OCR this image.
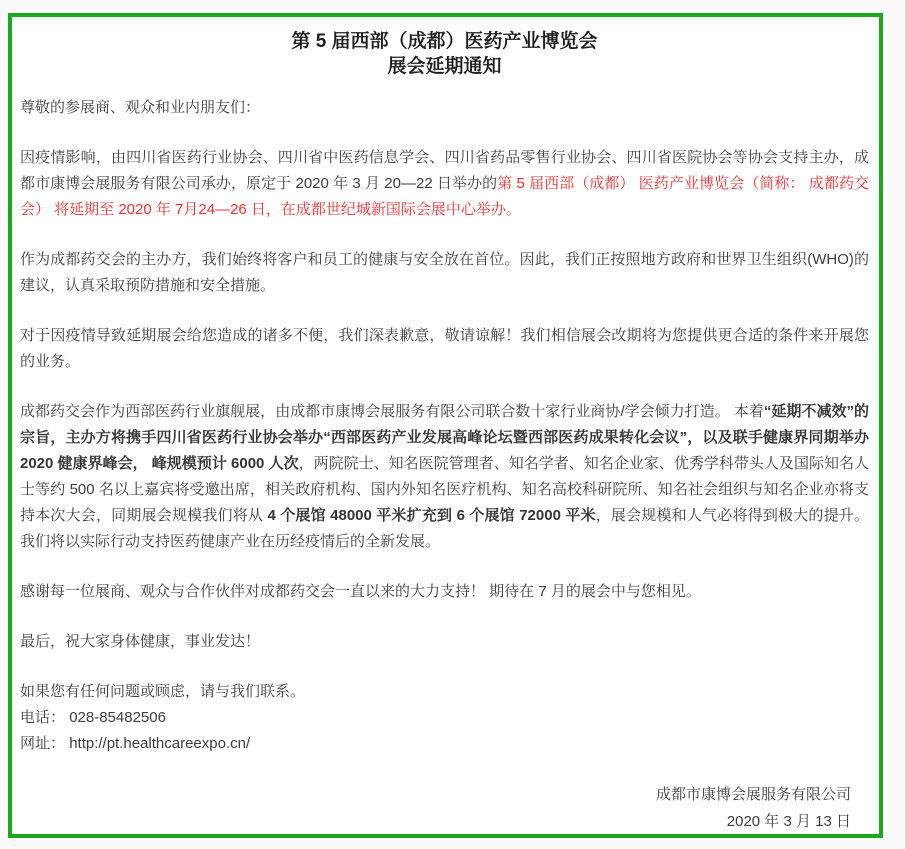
第 5 届西部（成都）医药产业博览会
展会延期通知

尊敬的参展商、观众和业内朋友们：

因疫情影响，由四川省医药行业协会、四川省中医药信息学会、四川省药品零售行业协会、四川省医院协会等协会支持主办，成都市康博会展服务有限公司承办，原定于 2020 年 3 月 20—22 日举办的第 5 届西部（成都） 医药产业博览会（简称： 成都药交会） 将延期至 2020 年 7月24—26 日，在成都世纪城新国际会展中心举办。

作为成都药交会的主办方，我们始终将客户和员工的健康与安全放在首位。因此，我们正按照地方政府和世界卫生组织(WHO)的建议，认真采取预防措施和安全措施。

对于因疫情导致延期展会给您造成的诸多不便，我们深表歉意，敬请谅解！我们相信展会改期将为您提供更合适的条件来开展您的业务。

成都药交会作为西部医药行业旗舰展，由成都市康博会展服务有限公司联合数十家行业商协/学会倾力打造。 本着“延期不减效”的宗旨，主办方将携手四川省医药行业协会举办“西部医药产业发展高峰论坛暨西部医药成果转化会议”，以及联手健康界同期举办 2020 健康界峰会， 峰规模预计 6000 人次，两院院士、知名医院管理者、知名学者、知名企业家、优秀学科带头人及国际知名人士等约 500 名以上嘉宾将受邀出席，相关政府机构、国内外知名医疗机构、知名高校科研院所、知名社会组织与知名企业亦将支持本次大会，同期展会规模我们将从 4 个展馆 48000 平米扩充到 6 个展馆 72000 平米，展会规模和人气必将得到极大的提升。我们将以实际行动支持医药健康产业在历经疫情后的全新发展。

感谢每一位展商、观众与合作伙伴对成都药交会一直以来的大力支持！ 期待在 7 月的展会中与您相见。

最后，祝大家身体健康，事业发达！

如果您有任何问题或顾虑，请与我们联系。
电话： 028-85482506
网址： http://pt.healthcareexpo.cn/
成都市康博会展服务有限公司
2020 年 3 月 13 日
